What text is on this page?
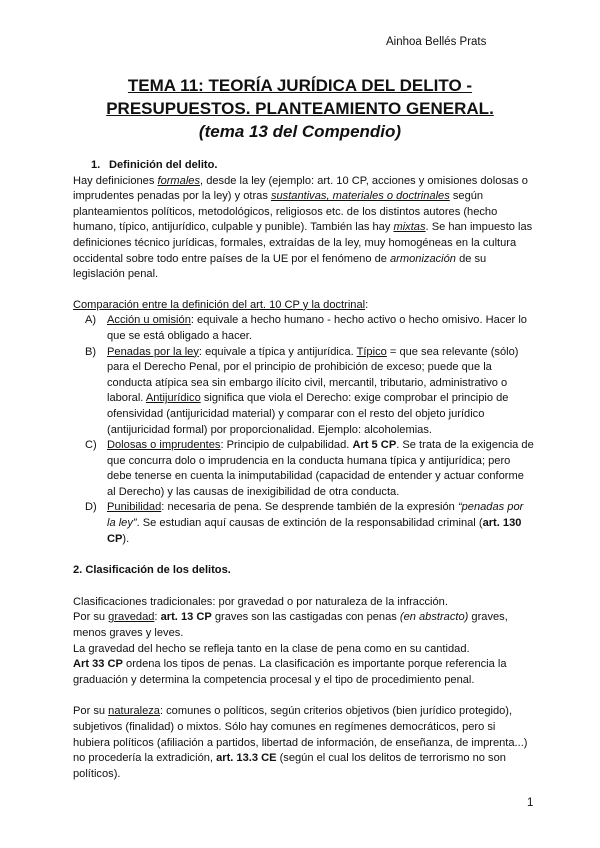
Ainhoa Bellés Prats
TEMA 11: TEORÍA JURÍDICA DEL DELITO -
PRESUPUESTOS. PLANTEAMIENTO GENERAL.
(tema 13 del Compendio)
1. Definición del delito.

Hay definiciones formales, desde la ley (ejemplo: art. 10 CP, acciones y omisiones dolosas o imprudentes penadas por la ley) y otras sustantivas, materiales o doctrinales según planteamientos políticos, metodológicos, religiosos etc. de los distintos autores (hecho humano, típico, antijurídico, culpable y punible). También las hay mixtas. Se han impuesto las definiciones técnico jurídicas, formales, extraídas de la ley, muy homogéneas en la cultura occidental sobre todo entre países de la UE por el fenómeno de armonización de su legislación penal.

Comparación entre la definición del art. 10 CP y la doctrinal:

A) Acción u omisión: equivale a hecho humano - hecho activo o hecho omisivo. Hacer lo que se está obligado a hacer.
B) Penadas por la ley: equivale a típica y antijurídica. Típico = que sea relevante (sólo) para el Derecho Penal, por el principio de prohibición de exceso; puede que la conducta atípica sea sin embargo ilícito civil, mercantil, tributario, administrativo o laboral. Antijurídico significa que viola el Derecho: exige comprobar el principio de ofensividad (antijuricidad material) y comparar con el resto del objeto jurídico (antijuricidad formal) por proporcionalidad. Ejemplo: alcoholemias.
C) Dolosas o imprudentes: Principio de culpabilidad. Art 5 CP. Se trata de la exigencia de que concurra dolo o imprudencia en la conducta humana típica y antijurídica; pero debe tenerse en cuenta la inimputabilidad (capacidad de entender y actuar conforme al Derecho) y las causas de inexigibilidad de otra conducta.
D) Punibilidad: necesaria de pena. Se desprende también de la expresión “penadas por la ley”. Se estudian aquí causas de extinción de la responsabilidad criminal (art. 130 CP).

2. Clasificación de los delitos.

Clasificaciones tradicionales: por gravedad o por naturaleza de la infracción.

Por su gravedad: art. 13 CP graves son las castigadas con penas (en abstracto) graves, menos graves y leves.

La gravedad del hecho se refleja tanto en la clase de pena como en su cantidad.

Art 33 CP ordena los tipos de penas. La clasificación es importante porque referencia la graduación y determina la competencia procesal y el tipo de procedimiento penal.

Por su naturaleza: comunes o políticos, según criterios objetivos (bien jurídico protegido), subjetivos (finalidad) o mixtos. Sólo hay comunes en regímenes democráticos, pero si hubiera políticos (afiliación a partidos, libertad de información, de enseñanza, de imprenta...) no procedería la extradición, art. 13.3 CE (según el cual los delitos de terrorismo no son políticos).

1
